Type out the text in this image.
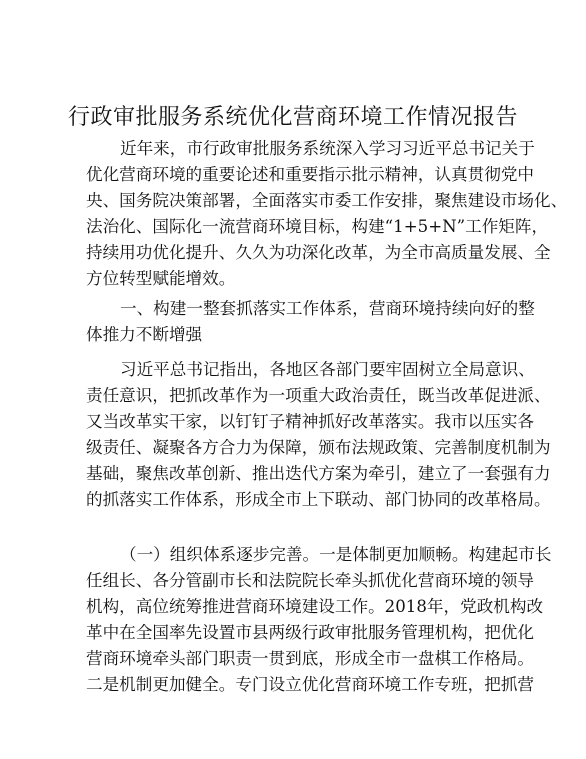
行政审批服务系统优化营商环境工作情况报告
近年来，市行政审批服务系统深入学习习近平总书记关于
优化营商环境的重要论述和重要指示批示精神，认真贯彻党中
央、国务院决策部署，全面落实市委工作安排，聚焦建设市场化、
法治化、国际化一流营商环境目标，构建“1+5+N”工作矩阵，
持续用功优化提升、久久为功深化改革，为全市高质量发展、全
方位转型赋能增效。
一、构建一整套抓落实工作体系，营商环境持续向好的整
体推力不断增强
习近平总书记指出，各地区各部门要牢固树立全局意识、
责任意识，把抓改革作为一项重大政治责任，既当改革促进派、
又当改革实干家，以钉钉子精神抓好改革落实。我市以压实各
级责任、凝聚各方合力为保障，颁布法规政策、完善制度机制为
基础，聚焦改革创新、推出迭代方案为牵引，建立了一套强有力
的抓落实工作体系，形成全市上下联动、部门协同的改革格局。
（一）组织体系逐步完善。一是体制更加顺畅。构建起市长
任组长、各分管副市长和法院院长牵头抓优化营商环境的领导
机构，高位统筹推进营商环境建设工作。2018年，党政机构改
革中在全国率先设置市县两级行政审批服务管理机构，把优化
营商环境牵头部门职责一贯到底，形成全市一盘棋工作格局。
二是机制更加健全。专门设立优化营商环境工作专班，把抓营
